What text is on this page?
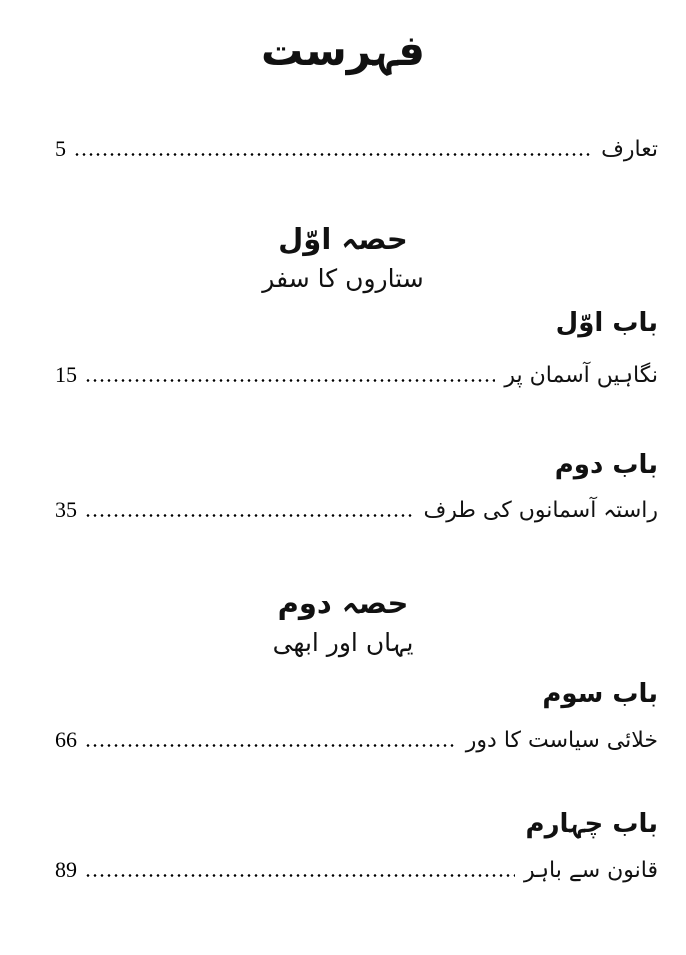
فہرست
تعارف
5
حصہ اوّل
ستاروں کا سفر
باب اوّل
نگاہیں آسمان پر
15
باب دوم
راستہ آسمانوں کی طرف
35
حصہ دوم
یہاں اور ابھی
باب سوم
خلائی سیاست کا دور
66
باب چہارم
قانون سے باہر
89
